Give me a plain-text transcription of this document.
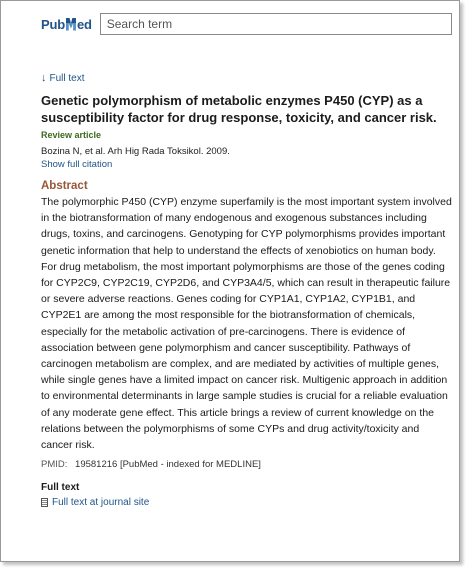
Pub ed
Search term
↓ Full text
Genetic polymorphism of metabolic enzymes P450 (CYP) as a susceptibility factor for drug response, toxicity, and cancer risk.
Review article
Bozina N, et al. Arh Hig Rada Toksikol. 2009.
Show full citation
Abstract
The polymorphic P450 (CYP) enzyme superfamily is the most important system involved in the biotransformation of many endogenous and exogenous substances including drugs, toxins, and carcinogens. Genotyping for CYP polymorphisms provides important genetic information that help to understand the effects of xenobiotics on human body. For drug metabolism, the most important polymorphisms are those of the genes coding for CYP2C9, CYP2C19, CYP2D6, and CYP3A4/5, which can result in therapeutic failure or severe adverse reactions. Genes coding for CYP1A1, CYP1A2, CYP1B1, and CYP2E1 are among the most responsible for the biotransformation of chemicals, especially for the metabolic activation of pre-carcinogens. There is evidence of association between gene polymorphism and cancer susceptibility. Pathways of carcinogen metabolism are complex, and are mediated by activities of multiple genes, while single genes have a limited impact on cancer risk. Multigenic approach in addition to environmental determinants in large sample studies is crucial for a reliable evaluation of any moderate gene effect. This article brings a review of current knowledge on the relations between the polymorphisms of some CYPs and drug activity/toxicity and cancer risk.
PMID: 19581216 [PubMed - indexed for MEDLINE]
Full text
Full text at journal site
